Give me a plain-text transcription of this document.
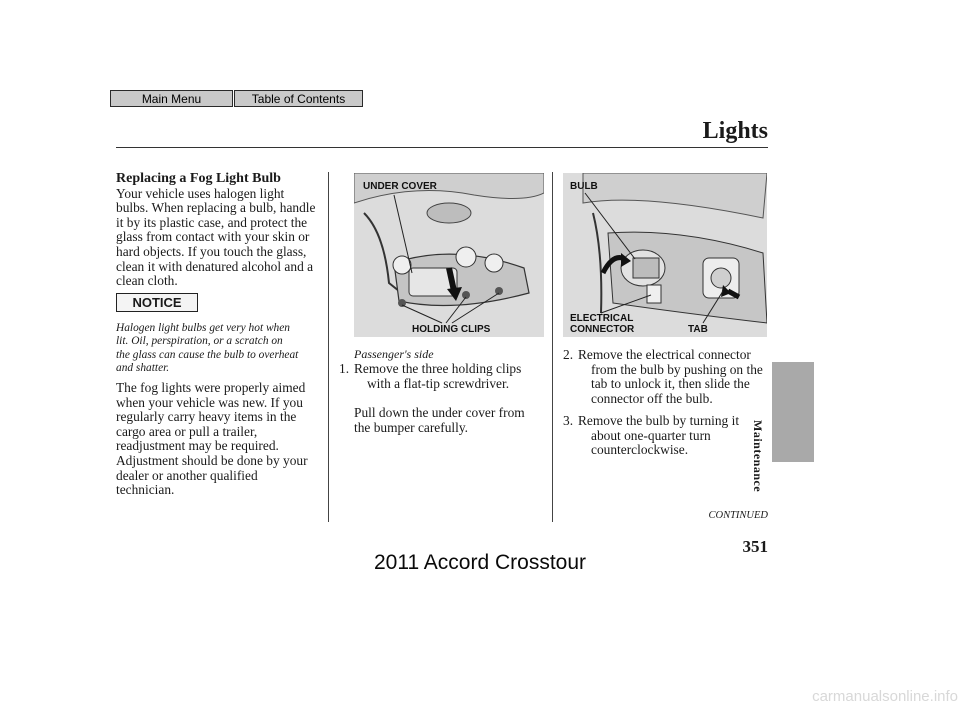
Main Menu	Table of Contents
Lights
Replacing a Fog Light Bulb
Your vehicle uses halogen light
bulbs. When replacing a bulb, handle
it by its plastic case, and protect the
glass from contact with your skin or
hard objects. If you touch the glass,
clean it with denatured alcohol and a
clean cloth.
NOTICE
Halogen light bulbs get very hot when
lit. Oil, perspiration, or a scratch on
the glass can cause the bulb to overheat
and shatter.
The fog lights were properly aimed
when your vehicle was new. If you
regularly carry heavy items in the
cargo area or pull a trailer,
readjustment may be required.
Adjustment should be done by your
dealer or another qualified
technician.
UNDER COVER
HOLDING CLIPS
Passenger's side
1. Remove the three holding clips
with a flat-tip screwdriver.
Pull down the under cover from
the bumper carefully.
BULB
ELECTRICAL
CONNECTOR	TAB
2. Remove the electrical connector
from the bulb by pushing on the
tab to unlock it, then slide the
connector off the bulb.
3. Remove the bulb by turning it
about one-quarter turn
counterclockwise.	Maintenance
CONTINUED
351
2011 Accord Crosstour
carmanualsonline.info
